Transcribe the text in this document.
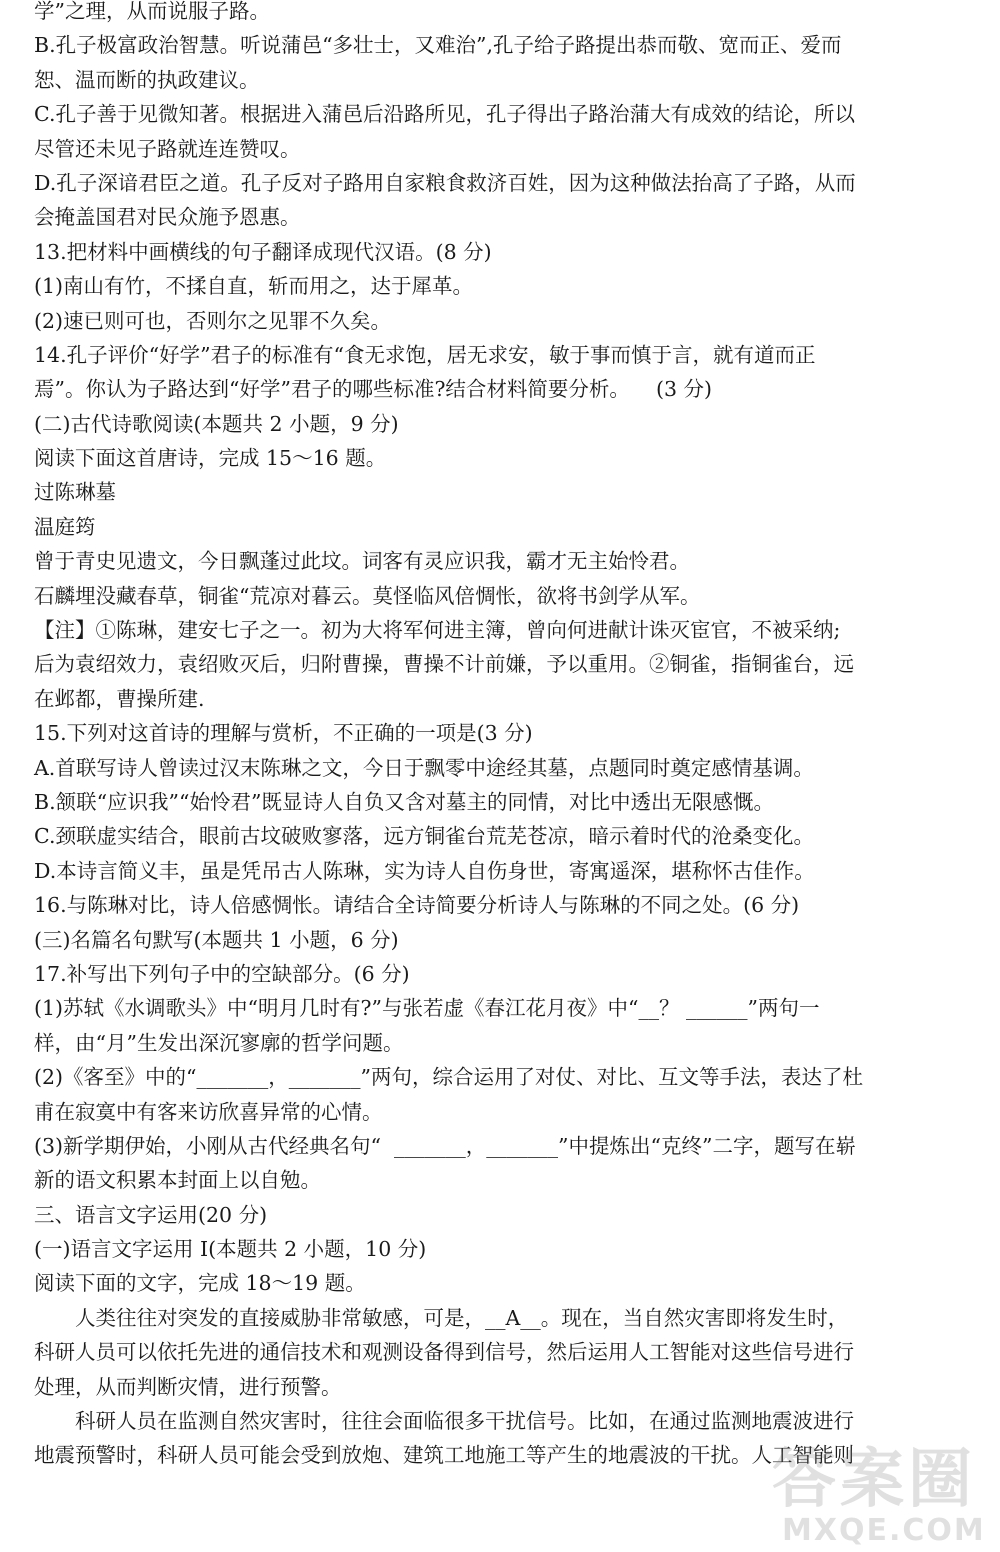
学”之理，从而说服子路。
B.孔子极富政治智慧。听说蒲邑“多壮士，又难治”,孔子给子路提出恭而敬、宽而正、爱而
恕、温而断的执政建议。
C.孔子善于见微知著。根据进入蒲邑后沿路所见，孔子得出子路治蒲大有成效的结论，所以
尽管还未见子路就连连赞叹。
D.孔子深谙君臣之道。孔子反对子路用自家粮食救济百姓，因为这种做法抬高了子路，从而
会掩盖国君对民众施予恩惠。
13.把材料中画横线的句子翻译成现代汉语。(8 分)
(1)南山有竹，不揉自直，斩而用之，达于犀革。
(2)速已则可也，否则尔之见罪不久矣。
14.孔子评价“好学”君子的标准有“食无求饱，居无求安，敏于事而慎于言，就有道而正
焉”。你认为子路达到“好学”君子的哪些标准?结合材料简要分析。    (3 分)
(二)古代诗歌阅读(本题共 2 小题，9 分)
阅读下面这首唐诗，完成 15～16 题。
过陈琳墓
温庭筠
曾于青史见遗文，今日飘蓬过此坟。词客有灵应识我，霸才无主始怜君。
石麟埋没藏春草，铜雀“荒凉对暮云。莫怪临风倍惆怅，欲将书剑学从军。
【注】①陈琳，建安七子之一。初为大将军何进主簿，曾向何进献计诛灭宦官，不被采纳;
后为袁绍效力，袁绍败灭后，归附曹操，曹操不计前嫌，予以重用。②铜雀，指铜雀台，远
在邺都，曹操所建.
15.下列对这首诗的理解与赏析，不正确的一项是(3 分)
A.首联写诗人曾读过汉末陈琳之文，今日于飘零中途经其墓，点题同时奠定感情基调。
B.颔联“应识我”“始怜君”既显诗人自负又含对墓主的同情，对比中透出无限感慨。
C.颈联虚实结合，眼前古坟破败寥落，远方铜雀台荒芜苍凉，暗示着时代的沧桑变化。
D.本诗言简义丰，虽是凭吊古人陈琳，实为诗人自伤身世，寄寓遥深，堪称怀古佳作。
16.与陈琳对比，诗人倍感惆怅。请结合全诗简要分析诗人与陈琳的不同之处。(6 分)
(三)名篇名句默写(本题共 1 小题，6 分)
17.补写出下列句子中的空缺部分。(6 分)
(1)苏轼《水调歌头》中“明月几时有?”与张若虚《春江花月夜》中“__？ ______”两句一
样，由“月”生发出深沉寥廓的哲学问题。
(2)《客至》中的“_______，_______”两句，综合运用了对仗、对比、互文等手法，表达了杜
甫在寂寞中有客来访欣喜异常的心情。
(3)新学期伊始，小刚从古代经典名句“  _______，_______”中提炼出“克终”二字，题写在崭
新的语文积累本封面上以自勉。
三、语言文字运用(20 分)
(一)语言文字运用 I(本题共 2 小题，10 分)
阅读下面的文字，完成 18～19 题。
人类往往对突发的直接威胁非常敏感，可是，__A__。现在，当自然灾害即将发生时，
科研人员可以依托先进的通信技术和观测设备得到信号，然后运用人工智能对这些信号进行
处理，从而判断灾情，进行预警。
科研人员在监测自然灾害时，往往会面临很多干扰信号。比如，在通过监测地震波进行
地震预警时，科研人员可能会受到放炮、建筑工地施工等产生的地震波的干扰。人工智能则
答案圈
MXQE.COM
